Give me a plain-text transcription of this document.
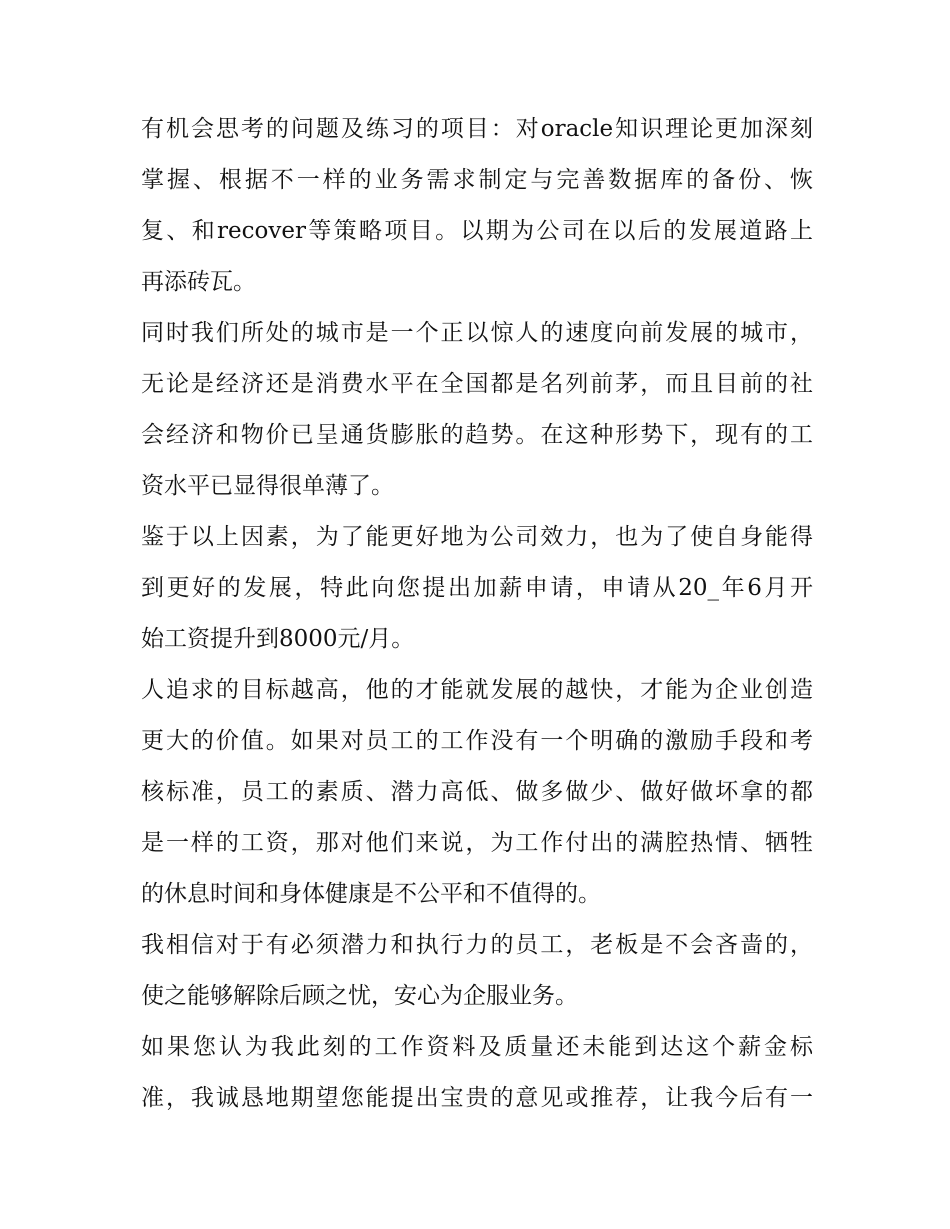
有机会思考的问题及练习的项目：对oracle知识理论更加深刻
掌握、根据不一样的业务需求制定与完善数据库的备份、恢
复、和recover等策略项目。以期为公司在以后的发展道路上
再添砖瓦。
同时我们所处的城市是一个正以惊人的速度向前发展的城市，
无论是经济还是消费水平在全国都是名列前茅，而且目前的社
会经济和物价已呈通货膨胀的趋势。在这种形势下，现有的工
资水平已显得很单薄了。
鉴于以上因素，为了能更好地为公司效力，也为了使自身能得
到更好的发展，特此向您提出加薪申请，申请从20_年6月开
始工资提升到8000元/月。
人追求的目标越高，他的才能就发展的越快，才能为企业创造
更大的价值。如果对员工的工作没有一个明确的激励手段和考
核标准，员工的素质、潜力高低、做多做少、做好做坏拿的都
是一样的工资，那对他们来说，为工作付出的满腔热情、牺牲
的休息时间和身体健康是不公平和不值得的。
我相信对于有必须潜力和执行力的员工，老板是不会吝啬的，
使之能够解除后顾之忧，安心为企服业务。
如果您认为我此刻的工作资料及质量还未能到达这个薪金标
准，我诚恳地期望您能提出宝贵的意见或推荐，让我今后有一
